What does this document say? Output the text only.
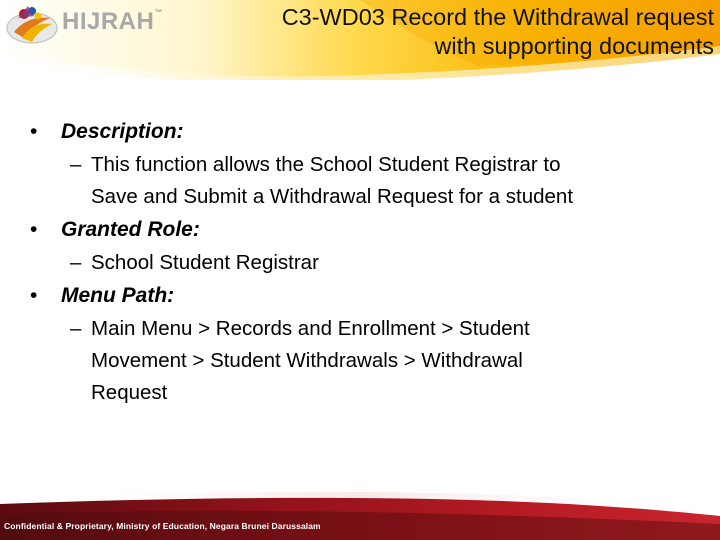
HIJRAH™	C3-WD03 Record the Withdrawal request
with supporting documents
•	Description:
– This function allows the School Student Registrar to
Save and Submit a Withdrawal Request for a student
•	Granted Role:
– School Student Registrar
•	Menu Path:
– Main Menu > Records and Enrollment > Student
Movement > Student Withdrawals > Withdrawal
Request
Confidential & Proprietary, Ministry of Education, Negara Brunei Darussalam
